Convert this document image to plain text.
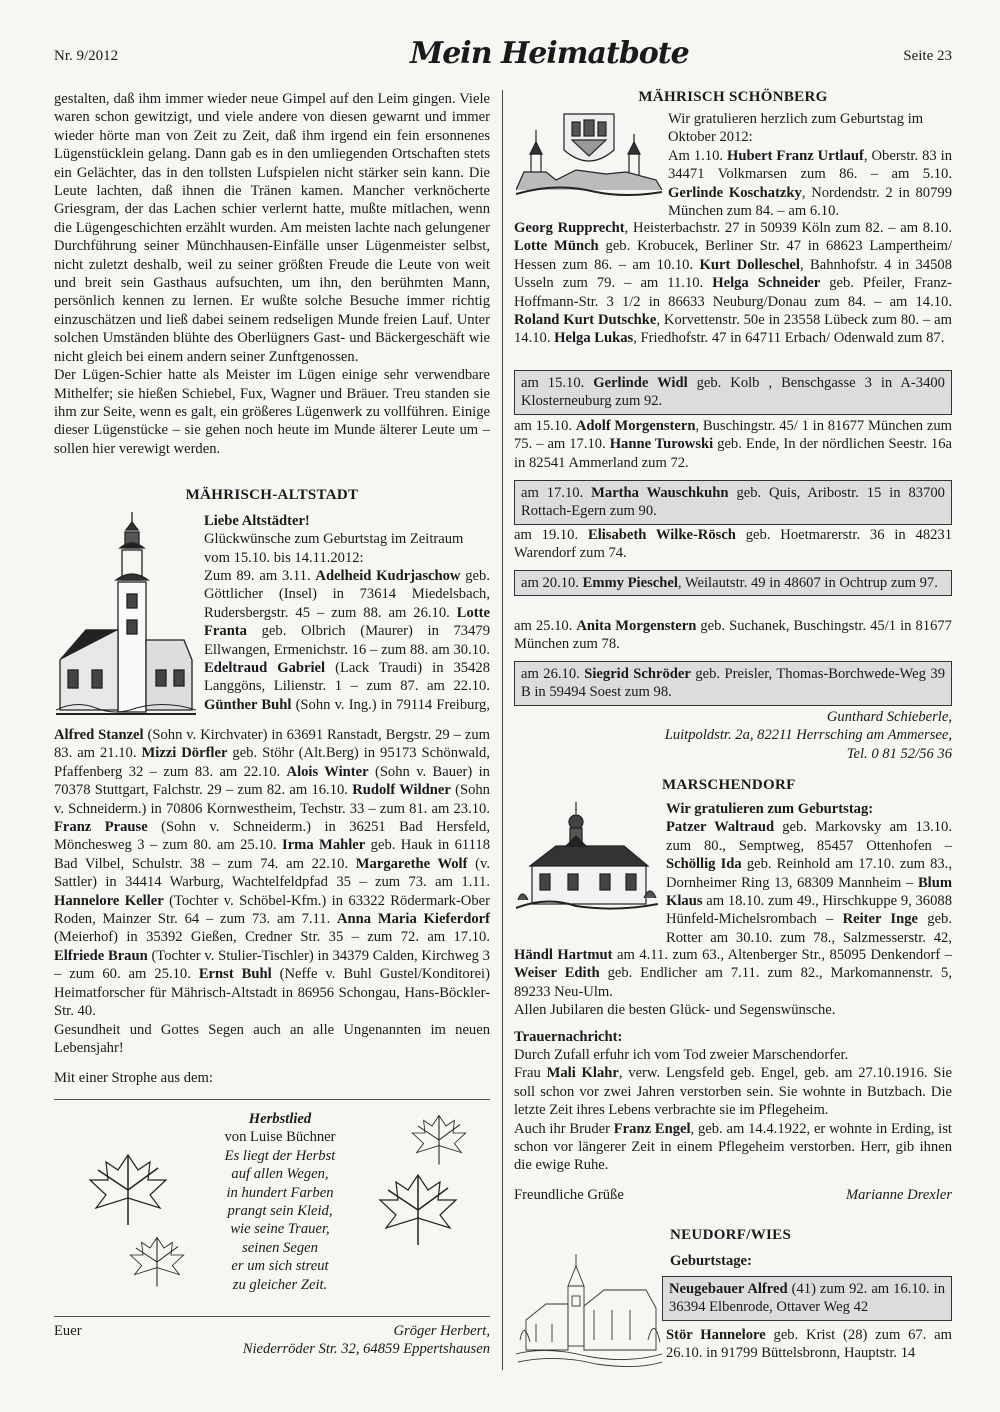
Nr. 9/2012	Mein Heimatbote	Seite 23

gestalten, daß ihm immer wieder neue Gimpel auf den Leim gingen. Viele waren schon gewitzigt, und viele andere von diesen gewarnt und immer wieder hörte man von Zeit zu Zeit, daß ihm irgend ein fein ersonnenes Lügenstücklein gelang. Dann gab es in den umliegenden Ortschaften stets ein Gelächter, das in den tollsten Lufspielen nicht stärker sein kann. Die Leute lachten, daß ihnen die Tränen kamen. Mancher verknöcherte Griesgram, der das Lachen schier verlernt hatte, mußte mitlachen, wenn die Lügengeschichten erzählt wurden. Am meisten lachte nach gelungener Durchführung seiner Münchhausen-Einfälle unser Lügenmeister selbst, nicht zuletzt deshalb, weil zu seiner größten Freude die Leute von weit und breit sein Gasthaus aufsuchten, um ihn, den berühmten Mann, persönlich kennen zu lernen. Er wußte solche Besuche immer richtig einzuschätzen und ließ dabei seinem redseligen Munde freien Lauf. Unter solchen Umständen blühte des Oberlügners Gast- und Bäckergeschäft wie nicht gleich bei einem andern seiner Zunftgenossen.

Der Lügen-Schier hatte als Meister im Lügen einige sehr verwendbare Mithelfer; sie hießen Schiebel, Fux, Wagner und Bräuer. Treu standen sie ihm zur Seite, wenn es galt, ein größeres Lügenwerk zu vollführen. Einige dieser Lügenstücke – sie gehen noch heute im Munde älterer Leute um – sollen hier verewigt werden.

MÄHRISCH-ALTSTADT

Liebe Altstädter!

Glückwünsche zum Geburtstag im Zeitraum

vom 15.10. bis 14.11.2012:

Zum 89. am 3.11. Adelheid Kudrjaschow geb. Göttlicher (Insel) in 73614 Miedelsbach, Rudersbergstr. 45 – zum 88. am 26.10. Lotte Franta geb. Olbrich (Maurer) in 73479 Ellwangen, Ermenichstr. 16 – zum 88. am 30.10. Edeltraud Gabriel (Lack Traudi) in 35428 Langgöns, Lilienstr. 1 – zum 87. am 22.10. Günther Buhl (Sohn v. Ing.) in 79114 Freiburg,

Alfred Stanzel (Sohn v. Kirchvater) in 63691 Ranstadt, Bergstr. 29 – zum 83. am 21.10. Mizzi Dörfler geb. Stöhr (Alt.Berg) in 95173 Schönwald, Pfaffenberg 32 – zum 83. am 22.10. Alois Winter (Sohn v. Bauer) in 70378 Stuttgart, Falchstr. 29 – zum 82. am 16.10. Rudolf Wildner (Sohn v. Schneiderm.) in 70806 Kornwestheim, Techstr. 33 – zum 81. am 23.10. Franz Prause (Sohn v. Schneiderm.) in 36251 Bad Hersfeld, Mönchesweg 3 – zum 80. am 25.10. Irma Mahler geb. Hauk in 61118 Bad Vilbel, Schulstr. 38 – zum 74. am 22.10. Margarethe Wolf (v. Sattler) in 34414 Warburg, Wachtelfeldpfad 35 – zum 73. am 1.11. Hannelore Keller (Tochter v. Schöbel-Kfm.) in 63322 Rödermark-Ober Roden, Mainzer Str. 64 – zum 73. am 7.11. Anna Maria Kieferdorf (Meierhof) in 35392 Gießen, Credner Str. 35 – zum 72. am 17.10. Elfriede Braun (Tochter v. Stulier-Tischler) in 34379 Calden, Kirchweg 3 – zum 60. am 25.10. Ernst Buhl (Neffe v. Buhl Gustel/Konditorei) Heimatforscher für Mährisch-Altstadt in 86956 Schongau, Hans-Böckler-Str. 40.

Gesundheit und Gottes Segen auch an alle Ungenannten im neuen Lebensjahr!

Mit einer Strophe aus dem:

Herbstlied
von Luise Büchner
Es liegt der Herbst
auf allen Wegen,
in hundert Farben
prangt sein Kleid,
wie seine Trauer,
seinen Segen
er um sich streut
zu gleicher Zeit.
Euer	Gröger Herbert,
Niederröder Str. 32, 64859 Eppertshausen
MÄHRISCH SCHÖNBERG

Wir gratulieren herzlich zum Geburtstag im

Oktober 2012:

Am 1.10. Hubert Franz Urtlauf, Oberstr. 83 in 34471 Volkmarsen zum 86. – am 5.10. Gerlinde Koschatzky, Nordendstr. 2 in 80799 München zum 84. – am 6.10.

Georg Rupprecht, Heisterbachstr. 27 in 50939 Köln zum 82. – am 8.10. Lotte Münch geb. Krobucek, Berliner Str. 47 in 68623 Lampertheim/ Hessen zum 86. – am 10.10. Kurt Dolleschel, Bahnhofstr. 4 in 34508 Usseln zum 79. – am 11.10. Helga Schneider geb. Pfeiler, Franz-Hoffmann-Str. 3 1/2 in 86633 Neuburg/Donau zum 84. – am 14.10. Roland Kurt Dutschke, Korvettenstr. 50e in 23558 Lübeck zum 80. – am 14.10. Helga Lukas, Friedhofstr. 47 in 64711 Erbach/ Odenwald zum 87.

am 15.10. Gerlinde Widl geb. Kolb , Benschgasse 3 in A-3400 Klosterneuburg zum 92.

am 15.10. Adolf Morgenstern, Buschingstr. 45/ 1 in 81677 München zum 75. – am 17.10. Hanne Turowski geb. Ende, In der nördlichen Seestr. 16a in 82541 Ammerland zum 72.

am 17.10. Martha Wauschkuhn geb. Quis, Aribostr. 15 in 83700 Rottach-Egern zum 90.

am 19.10. Elisabeth Wilke-Rösch geb. Hoetmarerstr. 36 in 48231 Warendorf zum 74.

am 20.10. Emmy Pieschel, Weilautstr. 49 in 48607 in Ochtrup zum 97.

am 25.10. Anita Morgenstern geb. Suchanek, Buschingstr. 45/1 in 81677 München zum 78.

am 26.10. Siegrid Schröder geb. Preisler, Thomas-Borchwede-Weg 39 B in 59494 Soest zum 98.

Gunthard Schieberle,

Luitpoldstr. 2a, 82211 Herrsching am Ammersee,

Tel. 0 81 52/56 36

MARSCHENDORF

Wir gratulieren zum Geburtstag:

Patzer Waltraud geb. Markovsky am 13.10. zum 80., Semptweg, 85457 Ottenhofen – Schöllig Ida geb. Reinhold am 17.10. zum 83., Dornheimer Ring 13, 68309 Mannheim – Blum Klaus am 18.10. zum 49., Hirschkuppe 9, 36088 Hünfeld-Michelsrombach – Reiter Inge geb. Rotter am 30.10. zum 78., Salzmesserstr. 42,

Händl Hartmut am 4.11. zum 63., Altenberger Str., 85095 Denkendorf – Weiser Edith geb. Endlicher am 7.11. zum 82., Markomannenstr. 5, 89233 Neu-Ulm.

Allen Jubilaren die besten Glück- und Segenswünsche.

Trauernachricht:

Durch Zufall erfuhr ich vom Tod zweier Marschendorfer.

Frau Mali Klahr, verw. Lengsfeld geb. Engel, geb. am 27.10.1916. Sie soll schon vor zwei Jahren verstorben sein. Sie wohnte in Butzbach. Die letzte Zeit ihres Lebens verbrachte sie im Pflegeheim.

Auch ihr Bruder Franz Engel, geb. am 14.4.1922, er wohnte in Erding, ist schon vor längerer Zeit in einem Pflegeheim verstorben. Herr, gib ihnen die ewige Ruhe.

Freundliche Grüße	Marianne Drexler
NEUDORF/WIES

Geburtstage:

Neugebauer Alfred (41) zum 92. am 16.10. in 36394 Elbenrode, Ottaver Weg 42

Stör Hannelore geb. Krist (28) zum 67. am 26.10. in 91799 Büttelsbronn, Hauptstr. 14
